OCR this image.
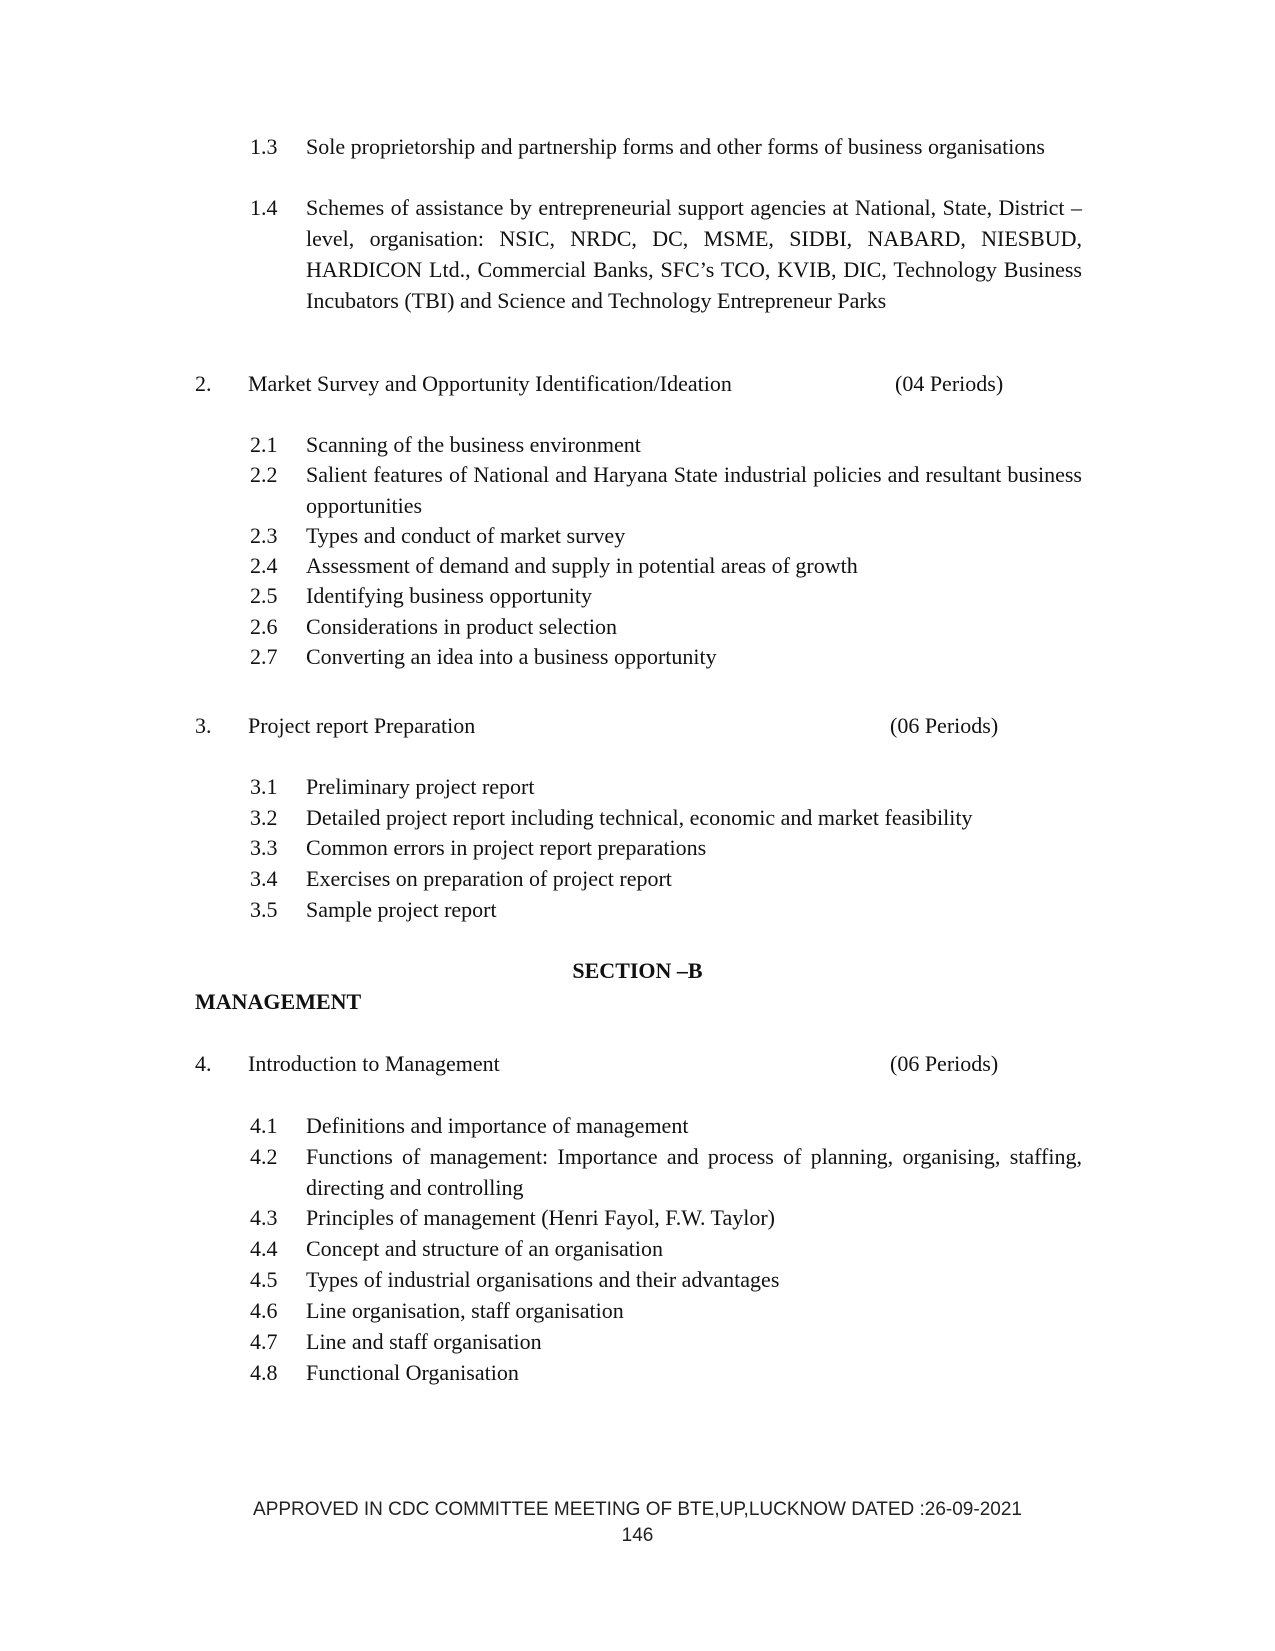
1.3	Sole proprietorship and partnership forms and other forms of business organisations
1.4	Schemes of assistance by entrepreneurial support agencies at National, State, District –level, organisation: NSIC, NRDC, DC, MSME, SIDBI, NABARD, NIESBUD, HARDICON Ltd., Commercial Banks, SFC’s TCO, KVIB, DIC, Technology Business Incubators (TBI) and Science and Technology Entrepreneur Parks
2. Market Survey and Opportunity Identification/Ideation	(04 Periods)
2.1	Scanning of the business environment
2.2	Salient features of National and Haryana State industrial policies and resultant business opportunities
2.3	Types and conduct of market survey
2.4	Assessment of demand and supply in potential areas of growth
2.5	Identifying business opportunity
2.6	Considerations in product selection
2.7	Converting an idea into a business opportunity
3. Project report Preparation	(06 Periods)
3.1	Preliminary project report
3.2	Detailed project report including technical, economic and market feasibility
3.3	Common errors in project report preparations
3.4	Exercises on preparation of project report
3.5	Sample project report
SECTION –B
MANAGEMENT
4. Introduction to Management	(06 Periods)
4.1	Definitions and importance of management
4.2	Functions of management: Importance and process of planning, organising, staffing, directing and controlling
4.3	Principles of management (Henri Fayol, F.W. Taylor)
4.4	Concept and structure of an organisation
4.5	Types of industrial organisations and their advantages
4.6	Line organisation, staff organisation
4.7	Line and staff organisation
4.8	Functional Organisation
APPROVED IN CDC COMMITTEE MEETING OF BTE,UP,LUCKNOW DATED :26-09-2021
146
